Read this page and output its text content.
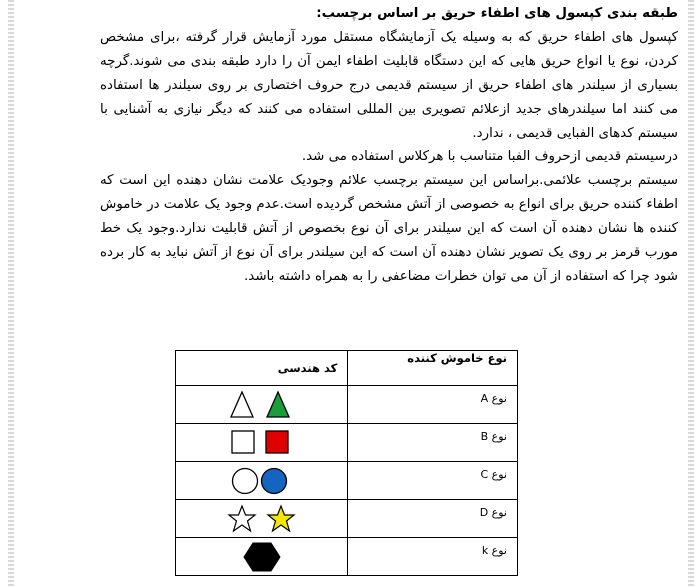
طبقه بندی کپسول های اطفاء حریق بر اساس برچسب:
کپسول های اطفاء حریق که به وسیله یک آزمایشگاه مستقل مورد آزمایش قرار گرفته ،برای مشخص کردن، نوع یا انواع حریق هایی که این دستگاه قابلیت اطفاء ایمن آن را دارد طبقه بندی می شوند.گرچه بسیاری از سیلندر های اطفاء حریق از سیستم قدیمی درج حروف اختصاری بر روی سیلندر ها استفاده می کنند اما سیلندرهای جدید ازعلائم تصویری بین المللی استفاده می کنند که دیگر نیازی به آشنایی با سیستم کدهای الفبایی قدیمی ، ندارد.
درسیستم قدیمی ازحروف الفبا متناسب با هرکلاس استفاده می شد.
سیستم برچسب علائمی.براساس این سیستم برچسب علائم وجودیک علامت نشان دهنده این است که اطفاء کننده حریق برای انواع به خصوصی از آتش مشخص گردیده است.عدم وجود یک علامت در خاموش کننده ها نشان دهنده آن است که این سیلندر برای آن نوع بخصوص از آتش قابلیت ندارد.وجود یک خط مورب قرمز بر روی یک تصویر نشان دهنده آن است که این سیلندر برای آن نوع از آتش نباید به کار برده شود چرا که استفاده از آن می توان خطرات مضاعفی را به همراه داشته باشد.
نوع خاموش کننده	کد هندسی
نوع A	

نوع B	

نوع C	

نوع D	

نوع k	
